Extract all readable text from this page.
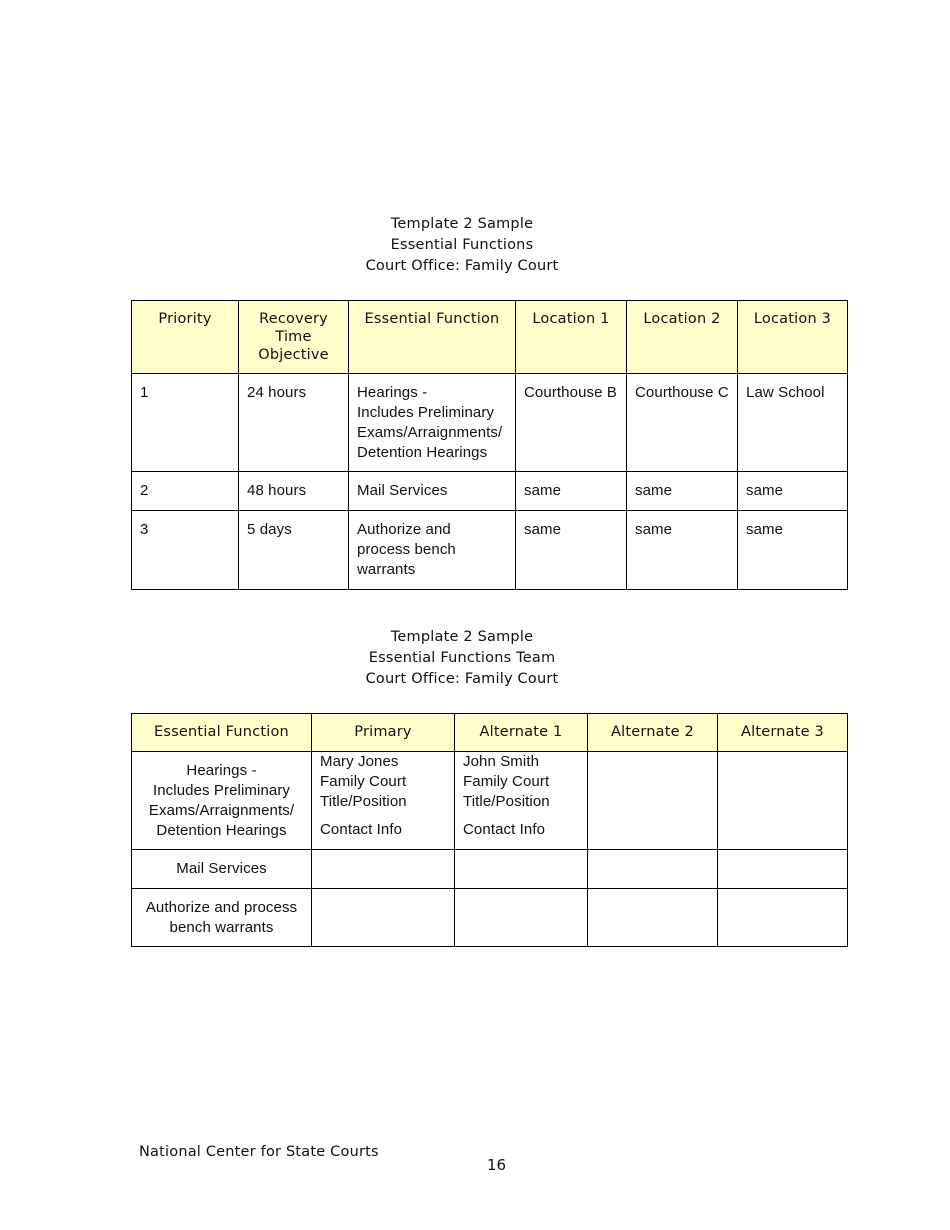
Template 2 Sample
Essential Functions
Court Office: Family Court
Priority	Recovery
Time
Objective	Essential Function	Location 1	Location 2	Location 3
1	24 hours	Hearings -
Includes Preliminary
Exams/Arraignments/
Detention Hearings	Courthouse B	Courthouse C	Law School
2	48 hours	Mail Services	same	same	same
3	5 days	Authorize and
process bench
warrants	same	same	same
Template 2 Sample
Essential Functions Team
Court Office: Family Court
Essential Function	Primary	Alternate 1	Alternate 2	Alternate 3

Hearings -
Includes Preliminary
Exams/Arraignments/
Detention Hearings	Mary Jones
Family Court
Title/Position
Contact Info	John Smith
Family Court
Title/Position
Contact Info		

Mail Services				

Authorize and process
bench warrants				

National Center for State Courts
16
